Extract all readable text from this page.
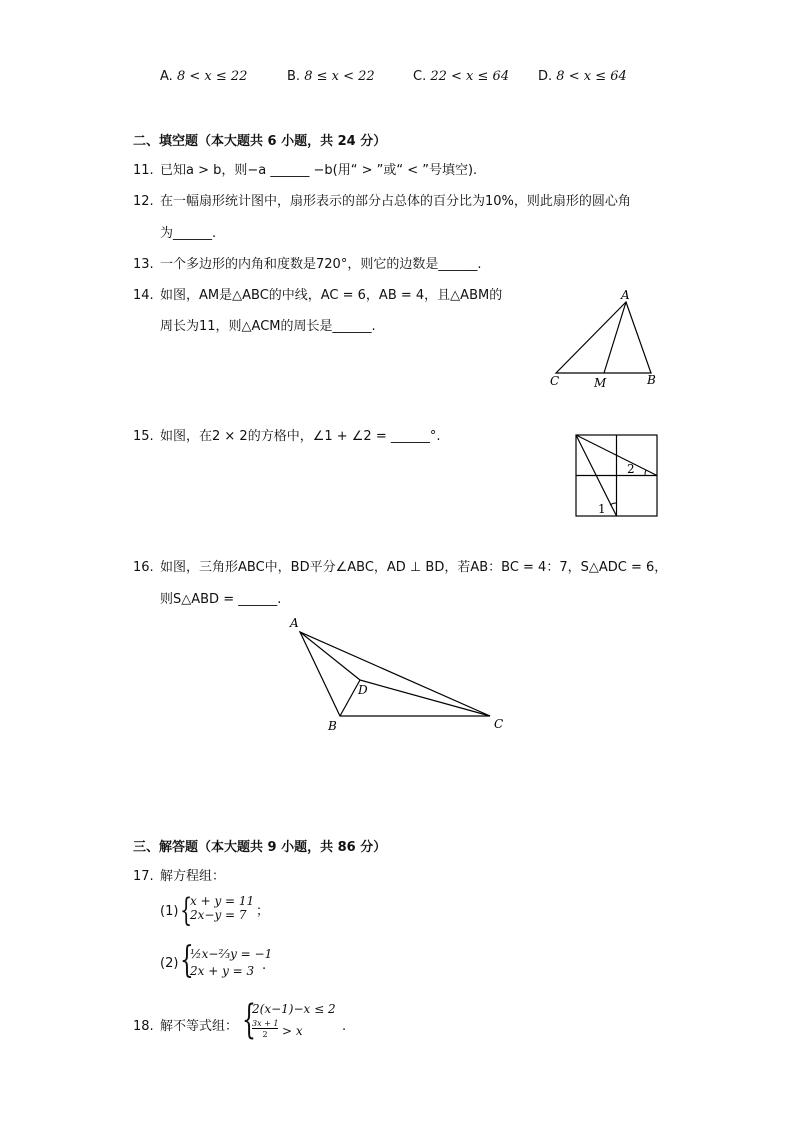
A. 8 < x ≤ 22	B. 8 ≤ x < 22	C. 22 < x ≤ 64 D. 8 < x ≤ 64
二、填空题（本大题共 6 小题，共 24 分）
11. 已知a > b，则−a ______ −b(用“ > ”或“ < ”号填空).
12. 在一幅扇形统计图中，扇形表示的部分占总体的百分比为10%，则此扇形的圆心角
为______.
13. 一个多边形的内角和度数是720°，则它的边数是______.
14. 如图，AM是△ABC的中线，AC = 6，AB = 4，且△ABM的
周长为11，则△ACM的周长是______.
A
C	M	B
15. 如图，在2 × 2的方格中，∠1 + ∠2 = ______°.
1
2
16. 如图，三角形ABC中，BD平分∠ABC，AD ⊥ BD，若AB：BC = 4：7，S△ADC = 6，
则S△ABD = ______.
A
B	C
D
三、解答题（本大题共 9 小题，共 86 分）
17. 解方程组：
(1) {
x + y = 11
2x−y = 7 ；
(2) {
½x−⅔y = −1
2x + y = 3 .
18. 解不等式组： {
2(x−1)−x ≤ 2
3x + 1
2	> x	.
